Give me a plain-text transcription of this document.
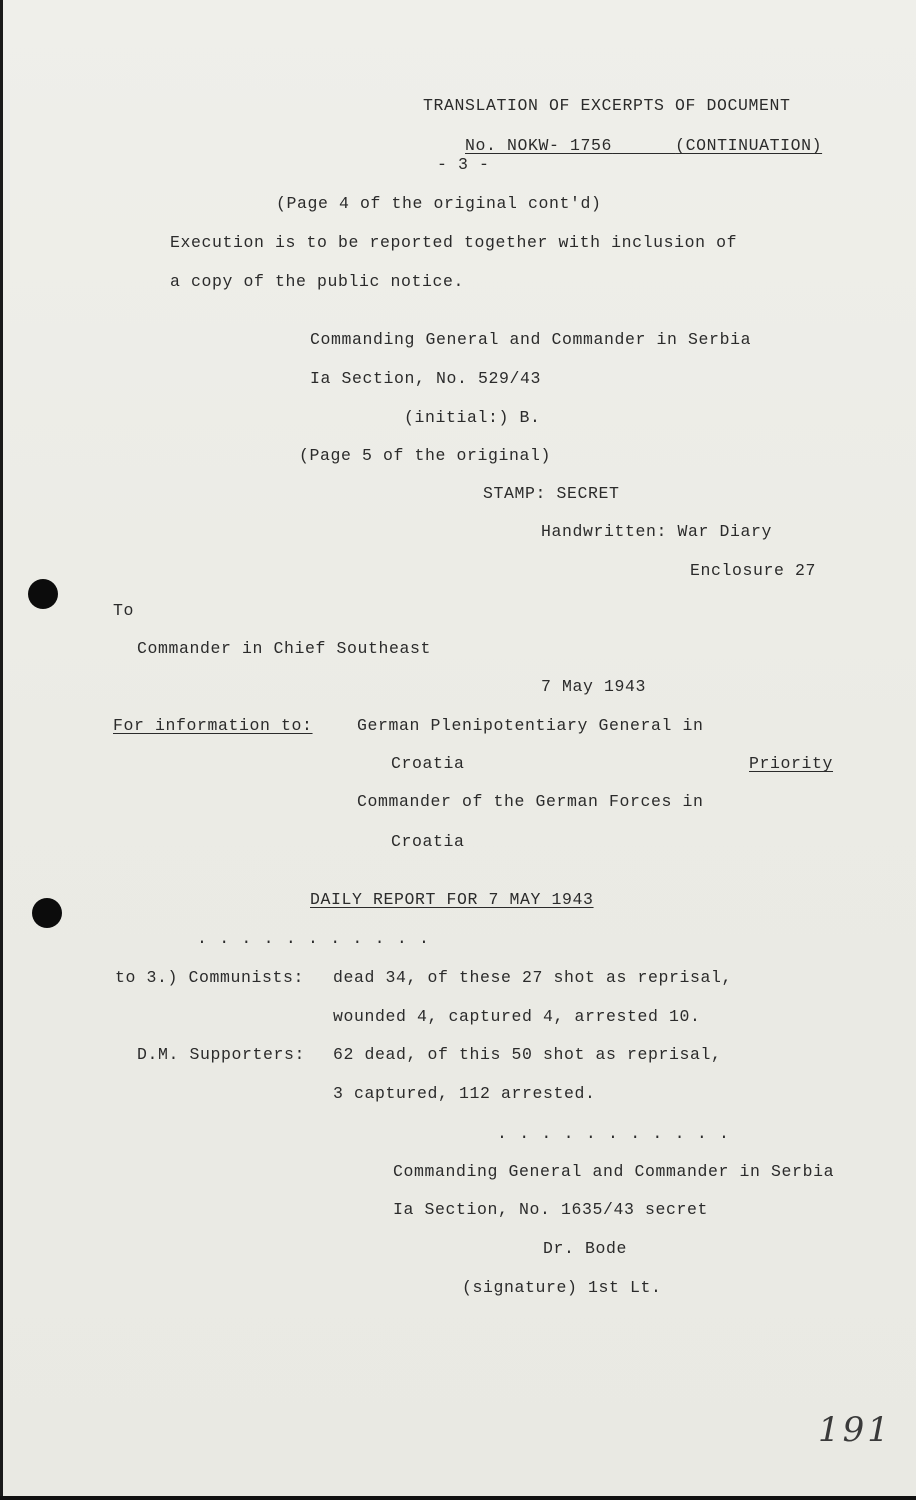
TRANSLATION OF EXCERPTS OF DOCUMENT

No. NOKW- 1756	(CONTINUATION)

- 3 -
(Page 4 of the original cont'd)
Execution is to be reported together with inclusion of
a copy of the public notice.
Commanding General and Commander in Serbia
Ia Section, No. 529/43
(initial:) B.
(Page 5 of the original)
STAMP: SECRET
Handwritten: War Diary
Enclosure 27
To
Commander in Chief Southeast
7 May 1943
For information to:	German Plenipotentiary General in
Croatia	Priority
Commander of the German Forces in
Croatia
DAILY REPORT FOR 7 MAY 1943
. . . . . . . . . . .
to 3.) Communists: dead 34, of these 27 shot as reprisal,
wounded 4, captured 4, arrested 10.
D.M. Supporters: 62 dead, of this 50 shot as reprisal,
3 captured, 112 arrested.
. . . . . . . . . . .
Commanding General and Commander in Serbia
Ia Section, No. 1635/43 secret
Dr. Bode
(signature) 1st Lt.
191
